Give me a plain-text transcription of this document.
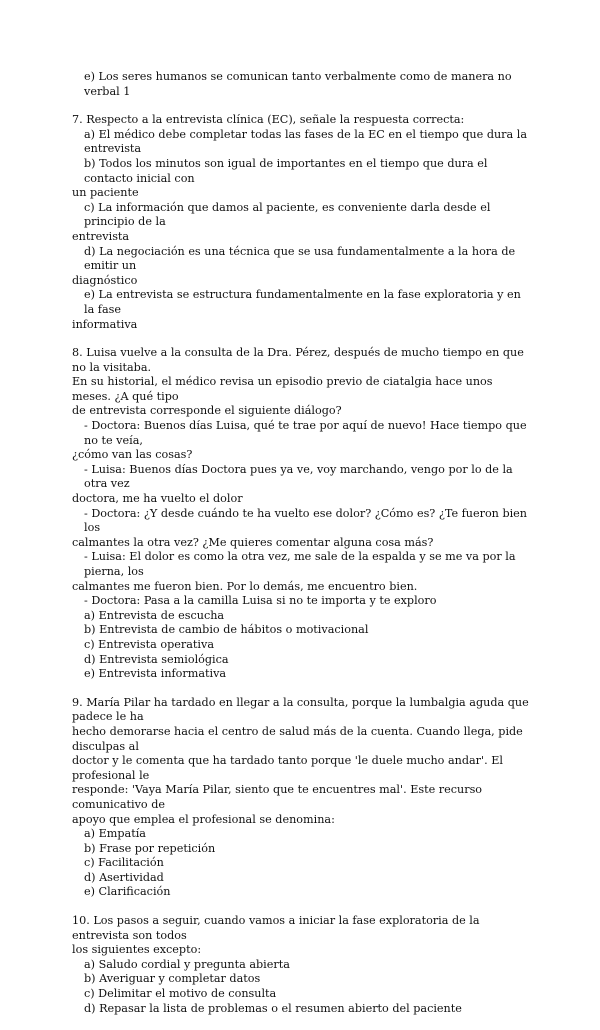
e) Los seres humanos se comunican tanto verbalmente como de manera no verbal 1
7. Respecto a la entrevista clínica (EC), señale la respuesta correcta:
a) El médico debe completar todas las fases de la EC en el tiempo que dura la entrevista
b) Todos los minutos son igual de importantes en el tiempo que dura el contacto inicial con
un paciente
c) La información que damos al paciente, es conveniente darla desde el principio de la
entrevista
d) La negociación es una técnica que se usa fundamentalmente a la hora de emitir un
diagnóstico
e) La entrevista se estructura fundamentalmente en la fase exploratoria y en la fase
informativa
8. Luisa vuelve a la consulta de la Dra. Pérez, después de mucho tiempo en que no la visitaba.
En su historial, el médico revisa un episodio previo de ciatalgia hace unos meses. ¿A qué tipo
de entrevista corresponde el siguiente diálogo?
- Doctora: Buenos días Luisa, qué te trae por aquí de nuevo! Hace tiempo que no te veía,
¿cómo van las cosas?
- Luisa: Buenos días Doctora pues ya ve, voy marchando, vengo por lo de la otra vez
doctora, me ha vuelto el dolor
- Doctora: ¿Y desde cuándo te ha vuelto ese dolor? ¿Cómo es? ¿Te fueron bien los
calmantes la otra vez? ¿Me quieres comentar alguna cosa más?
- Luisa: El dolor es como la otra vez, me sale de la espalda y se me va por la pierna, los
calmantes me fueron bien. Por lo demás, me encuentro bien.
- Doctora: Pasa a la camilla Luisa si no te importa y te exploro
a) Entrevista de escucha
b) Entrevista de cambio de hábitos o motivacional
c) Entrevista operativa
d) Entrevista semiológica
e) Entrevista informativa
9. María Pilar ha tardado en llegar a la consulta, porque la lumbalgia aguda que padece le ha
hecho demorarse hacia el centro de salud más de la cuenta. Cuando llega, pide disculpas al
doctor y le comenta que ha tardado tanto porque 'le duele mucho andar'. El profesional le
responde: 'Vaya María Pilar, siento que te encuentres mal'. Este recurso comunicativo de
apoyo que emplea el profesional se denomina:
a) Empatía
b) Frase por repetición
c) Facilitación
d) Asertividad
e) Clarificación
10. Los pasos a seguir, cuando vamos a iniciar la fase exploratoria de la entrevista son todos
los siguientes excepto:
a) Saludo cordial y pregunta abierta
b) Averiguar y completar datos
c) Delimitar el motivo de consulta
d) Repasar la lista de problemas o el resumen abierto del paciente
